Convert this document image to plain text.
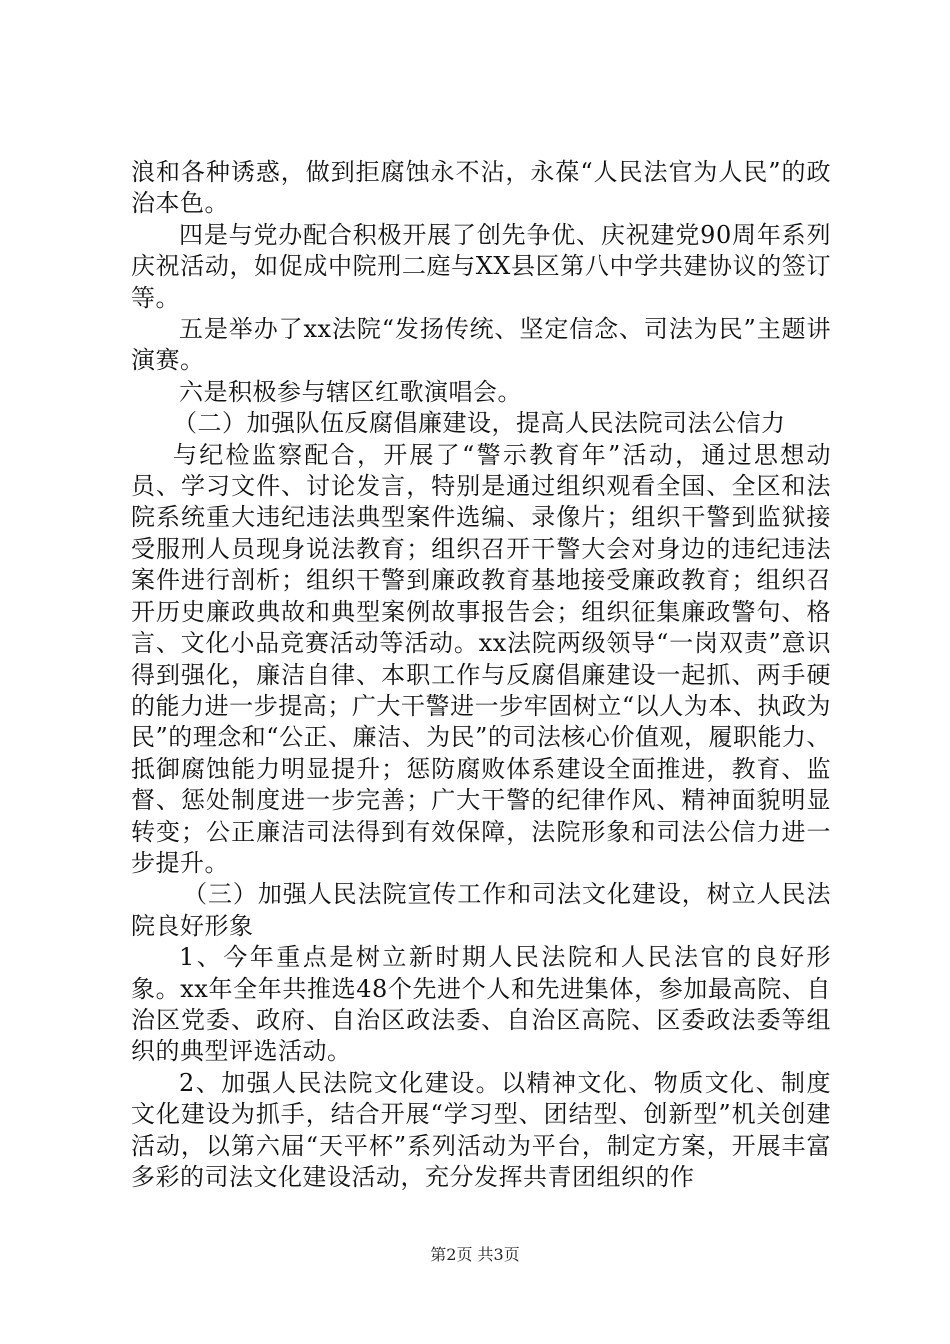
浪和各种诱惑，做到拒腐蚀永不沾，永葆“人民法官为人民”的政治本色。

四是与党办配合积极开展了创先争优、庆祝建党90周年系列庆祝活动，如促成中院刑二庭与XX县区第八中学共建协议的签订等。

五是举办了xx法院“发扬传统、坚定信念、司法为民”主题讲演赛。

六是积极参与辖区红歌演唱会。

（二）加强队伍反腐倡廉建设，提高人民法院司法公信力

与纪检监察配合，开展了“警示教育年”活动，通过思想动员、学习文件、讨论发言，特别是通过组织观看全国、全区和法院系统重大违纪违法典型案件选编、录像片；组织干警到监狱接受服刑人员现身说法教育；组织召开干警大会对身边的违纪违法案件进行剖析；组织干警到廉政教育基地接受廉政教育；组织召开历史廉政典故和典型案例故事报告会；组织征集廉政警句、格言、文化小品竞赛活动等活动。xx法院两级领导“一岗双责”意识得到强化，廉洁自律、本职工作与反腐倡廉建设一起抓、两手硬的能力进一步提高；广大干警进一步牢固树立“以人为本、执政为民”的理念和“公正、廉洁、为民”的司法核心价值观，履职能力、抵御腐蚀能力明显提升；惩防腐败体系建设全面推进，教育、监督、惩处制度进一步完善；广大干警的纪律作风、精神面貌明显转变；公正廉洁司法得到有效保障，法院形象和司法公信力进一步提升。

（三）加强人民法院宣传工作和司法文化建设，树立人民法院良好形象

1、今年重点是树立新时期人民法院和人民法官的良好形象。xx年全年共推选48个先进个人和先进集体，参加最高院、自治区党委、政府、自治区政法委、自治区高院、区委政法委等组织的典型评选活动。

2、加强人民法院文化建设。以精神文化、物质文化、制度文化建设为抓手，结合开展“学习型、团结型、创新型”机关创建活动，以第六届“天平杯”系列活动为平台，制定方案，开展丰富多彩的司法文化建设活动，充分发挥共青团组织的作

第2页 共3页
